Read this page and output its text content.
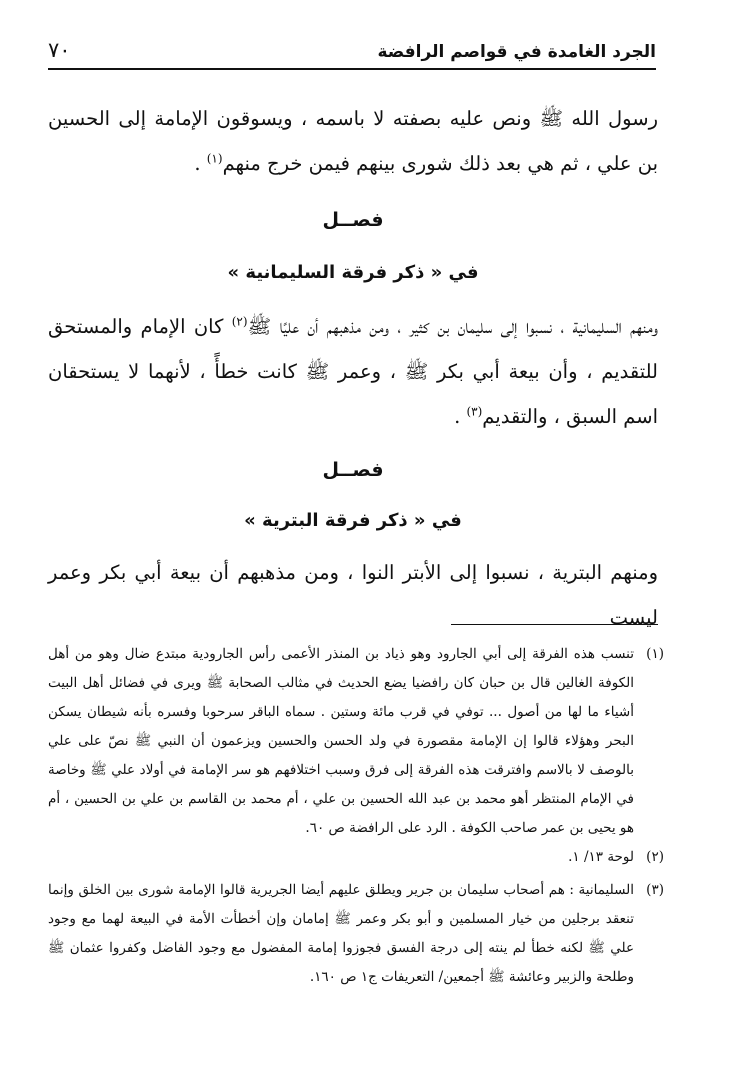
الجرد الغامدة في قواصم الرافضة
٧٠

رسول الله ﷺ ونص عليه بصفته لا باسمه ، ويسوقون الإمامة إلى الحسين بن علي ، ثم هي بعد ذلك شورى بينهم فيمن خرج منهم$^{(١)}$ .

فصــل
في « ذكر فرقة السليمانية »

ومنهم السليمانية ، نسبوا إلى سليمان بن كثير ، ومن مذهبهم أن عليًا ﷺ$^{(٢)}$ كان الإمام والمستحق للتقديم ، وأن بيعة أبي بكر ﷺ ، وعمر ﷺ كانت خطأً ، لأنهما لا يستحقان اسم السبق ، والتقديم$^{(٣)}$ .

فصــل
في « ذكر فرقة البترية »

ومنهم البترية ، نسبوا إلى الأبتر النوا ، ومن مذهبهم أن بيعة أبي بكر وعمر ليست

(١)
تنسب هذه الفرقة إلى أبي الجارود وهو ذياد بن المنذر الأعمى رأس الجارودية مبتدع ضال وهو من أهل الكوفة الغالين قال بن حبان كان رافضيا يضع الحديث في مثالب الصحابة ﷺ ويرى في فضائل أهل البيت أشياء ما لها من أصول ... توفي في قرب مائة وستين . سماه الباقر سرحوبا وفسره بأنه شيطان يسكن البحر وهؤلاء قالوا إن الإمامة مقصورة في ولد الحسن والحسين ويزعمون أن النبي ﷺ نصّ على علي بالوصف لا بالاسم وافترقت هذه الفرقة إلى فرق وسبب اختلافهم هو سر الإمامة في أولاد علي ﷺ وخاصة في الإمام المنتظر أهو محمد بن عبد الله الحسين بن علي ، أم محمد بن القاسم بن علي بن الحسين ، أم هو يحيى بن عمر صاحب الكوفة . الرد على الرافضة ص ٦٠.
(٢)
لوحة ١٣/ ١.
(٣)
السليمانية : هم أصحاب سليمان بن جرير ويطلق عليهم أيضا الجريرية قالوا الإمامة شورى بين الخلق وإنما تنعقد برجلين من خيار المسلمين و أبو بكر وعمر ﷺ إمامان وإن أخطأت الأمة في البيعة لهما مع وجود علي ﷺ لكنه خطأ لم ينته إلى درجة الفسق فجوزوا إمامة المفضول مع وجود الفاضل وكفروا عثمان ﷺ وطلحة والزبير وعائشة ﷺ أجمعين/ التعريفات ج١ ص ١٦٠.
